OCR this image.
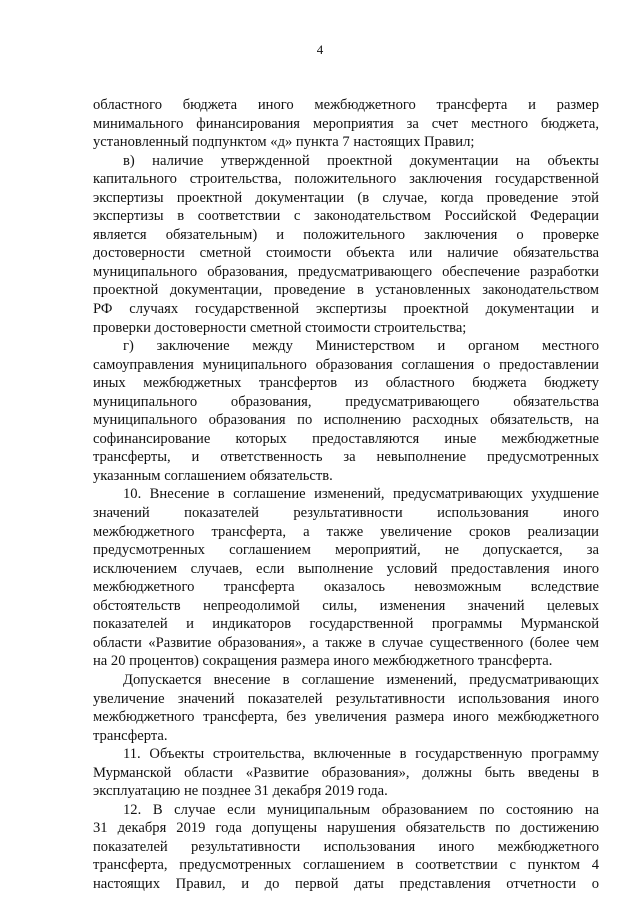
4
областного бюджета иного межбюджетного трансферта и размер
минимального финансирования мероприятия за счет местного бюджета,
установленный подпунктом «д» пункта 7 настоящих Правил;
в) наличие утвержденной проектной документации на объекты
капитального строительства, положительного заключения государственной
экспертизы проектной документации (в случае, когда проведение этой
экспертизы в соответствии с законодательством Российской Федерации
является обязательным) и положительного заключения о проверке
достоверности сметной стоимости объекта или наличие обязательства
муниципального образования, предусматривающего обеспечение разработки
проектной документации, проведение в установленных законодательством
РФ случаях государственной экспертизы проектной документации и
проверки достоверности сметной стоимости строительства;
г) заключение между Министерством и органом местного
самоуправления муниципального образования соглашения о предоставлении
иных межбюджетных трансфертов из областного бюджета бюджету
муниципального образования, предусматривающего обязательства
муниципального образования по исполнению расходных обязательств, на
софинансирование которых предоставляются иные межбюджетные
трансферты, и ответственность за невыполнение предусмотренных
указанным соглашением обязательств.
10. Внесение в соглашение изменений, предусматривающих ухудшение
значений показателей результативности использования иного
межбюджетного трансферта, а также увеличение сроков реализации
предусмотренных соглашением мероприятий, не допускается, за
исключением случаев, если выполнение условий предоставления иного
межбюджетного трансферта оказалось невозможным вследствие
обстоятельств непреодолимой силы, изменения значений целевых
показателей и индикаторов государственной программы Мурманской
области «Развитие образования», а также в случае существенного (более чем
на 20 процентов) сокращения размера иного межбюджетного трансферта.
Допускается внесение в соглашение изменений, предусматривающих
увеличение значений показателей результативности использования иного
межбюджетного трансферта, без увеличения размера иного межбюджетного
трансферта.
11. Объекты строительства, включенные в государственную программу
Мурманской области «Развитие образования», должны быть введены в
эксплуатацию не позднее 31 декабря 2019 года.
12. В случае если муниципальным образованием по состоянию на
31 декабря 2019 года допущены нарушения обязательств по достижению
показателей результативности использования иного межбюджетного
трансферта, предусмотренных соглашением в соответствии с пунктом 4
настоящих Правил, и до первой даты представления отчетности о
